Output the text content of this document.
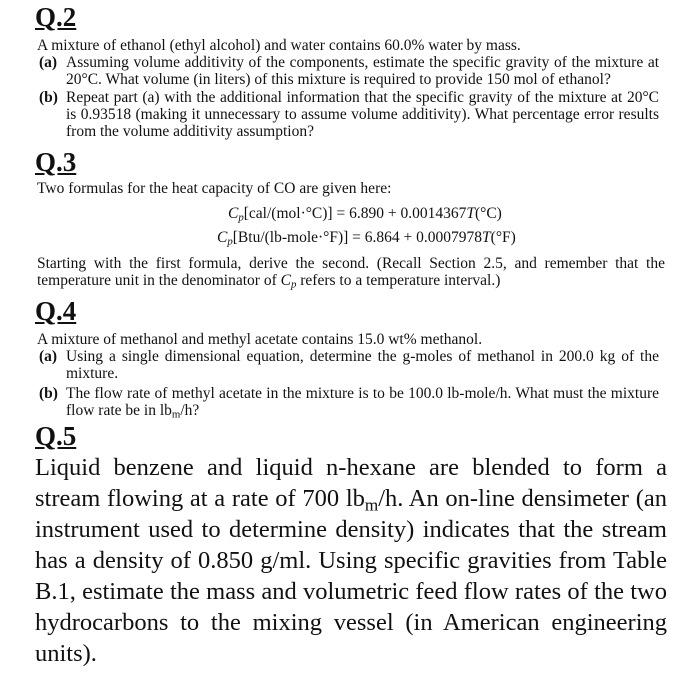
Q.2
A mixture of ethanol (ethyl alcohol) and water contains 60.0% water by mass.
(a) Assuming volume additivity of the components, estimate the specific gravity of the mixture at 20°C. What volume (in liters) of this mixture is required to provide 150 mol of ethanol?
(b) Repeat part (a) with the additional information that the specific gravity of the mixture at 20°C is 0.93518 (making it unnecessary to assume volume additivity). What percentage error results from the volume additivity assumption?
Q.3
Two formulas for the heat capacity of CO are given here:
$C_p[cal/(mol\cdot^\circ C)] = 6.890 + 0.0014367T(^\circ C)$
$C_p[Btu/(lb-mole\cdot^\circ F)] = 6.864 + 0.0007978T(^\circ F)$
Starting with the first formula, derive the second. (Recall Section 2.5, and remember that the temperature unit in the denominator of $C_p$ refers to a temperature interval.)
Q.4
A mixture of methanol and methyl acetate contains 15.0 wt% methanol.
(a) Using a single dimensional equation, determine the g-moles of methanol in 200.0 kg of the mixture.
(b) The flow rate of methyl acetate in the mixture is to be 100.0 lb-mole/h. What must the mixture flow rate be in $lb_m/h$?
Q.5
Liquid benzene and liquid n-hexane are blended to form a stream flowing at a rate of 700 $lb_m/h$. An on-line densimeter (an instrument used to determine density) indicates that the stream has a density of 0.850 g/ml. Using specific gravities from Table B.1, estimate the mass and volumetric feed flow rates of the two hydrocarbons to the mixing vessel (in American engineering units).
